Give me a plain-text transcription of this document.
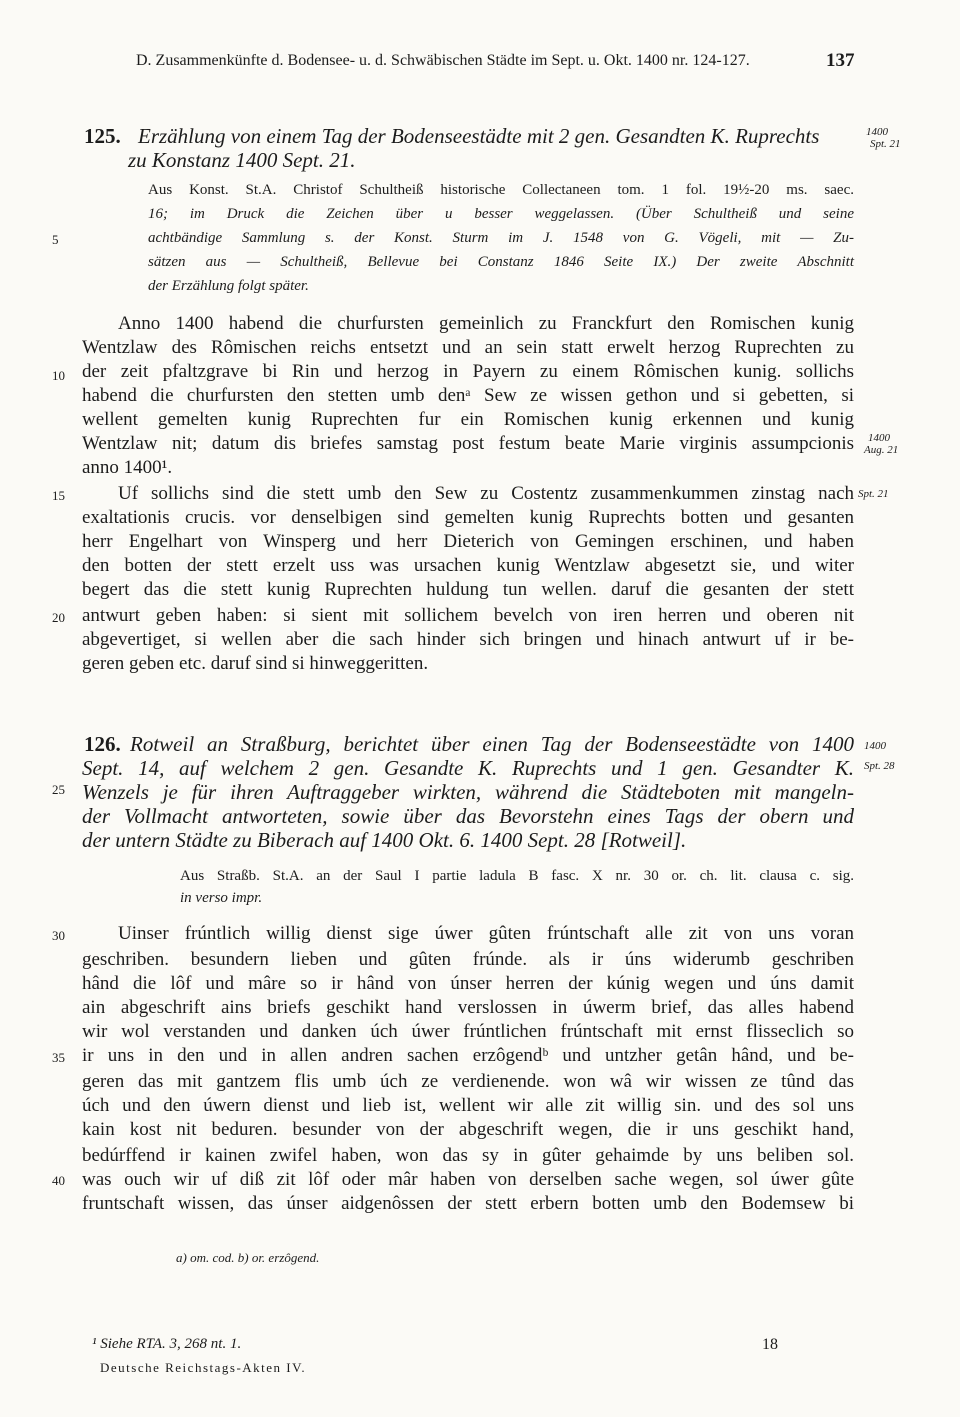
D. Zusammenkünfte d. Bodensee- u. d. Schwäbischen Städte im Sept. u. Okt. 1400 nr. 124-127.	137
125. Erzählung von einem Tag der Bodenseestädte mit 2 gen. Gesandten K. Ruprechts
zu Konstanz 1400 Sept. 21.
1400
Spt. 21
Aus Konst. St.A. Christof Schultheiß historische Collectaneen tom. 1 fol. 19½-20 ms. saec.
16; im Druck die Zeichen über u besser weggelassen. (Über Schultheiß und seine
achtbändige Sammlung s. der Konst. Sturm im J. 1548 von G. Vögeli, mit — Zu-
sätzen aus — Schultheiß, Bellevue bei Constanz 1846 Seite IX.) Der zweite Abschnitt
der Erzählung folgt später.
5
10
15
20
25
30
35
40
Anno 1400 habend die churfursten gemeinlich zu Franckfurt den Romischen kunig
Wentzlaw des Rômischen reichs entsetzt und an sein statt erwelt herzog Ruprechten zu
der zeit pfaltzgrave bi Rin und herzog in Payern zu einem Rômischen kunig. sollichs
habend die churfursten den stetten umb denᵃ Sew ze wissen gethon und si gebetten, si
wellent gemelten kunig Ruprechten fur ein Romischen kunig erkennen und kunig
Wentzlaw nit; datum dis briefes samstag post festum beate Marie virginis assumpcionis
anno 1400¹.
Uf sollichs sind die stett umb den Sew zu Costentz zusammenkummen zinstag nach
exaltationis crucis. vor denselbigen sind gemelten kunig Ruprechts botten und gesanten
herr Engelhart von Winsperg und herr Dieterich von Gemingen erschinen, und haben
den botten der stett erzelt uss was ursachen kunig Wentzlaw abgesetzt sie, und witer
begert das die stett kunig Ruprechten huldung tun wellen. daruf die gesanten der stett
antwurt geben haben: si sient mit sollichem bevelch von iren herren und oberen nit
abgevertiget, si wellen aber die sach hinder sich bringen und hinach antwurt uf ir be-
geren geben etc. daruf sind si hinweggeritten.
1400
Aug. 21
Spt. 21
126. Rotweil an Straßburg, berichtet über einen Tag der Bodenseestädte von 1400
Sept. 14, auf welchem 2 gen. Gesandte K. Ruprechts und 1 gen. Gesandter K.
Wenzels je für ihren Auftraggeber wirkten, während die Städteboten mit mangeln-
der Vollmacht antworteten, sowie über das Bevorstehn eines Tags der obern und
der untern Städte zu Biberach auf 1400 Okt. 6. 1400 Sept. 28 [Rotweil].
1400
Spt. 28
Aus Straßb. St.A. an der Saul I partie ladula B fasc. X nr. 30 or. ch. lit. clausa c. sig.
in verso impr.
Uinser frúntlich willig dienst sige úwer gûten frúntschaft alle zit von uns voran
geschriben. besundern lieben und gûten frúnde. als ir úns widerumb geschriben
hând die lôf und mâre so ir hând von únser herren der kúnig wegen und úns damit
ain abgeschrift ains briefs geschikt hand verslossen in úwerm brief, das alles habend
wir wol verstanden und danken úch úwer frúntlichen frúntschaft mit ernst flisseclich so
ir uns in den und in allen andren sachen erzôgendᵇ und untzher getân hând, und be-
geren das mit gantzem flis umb úch ze verdienende. won wâ wir wissen ze tûnd das
úch und den úwern dienst und lieb ist, wellent wir alle zit willig sin. und des sol uns
kain kost nit beduren. besunder von der abgeschrift wegen, die ir uns geschikt hand,
bedúrffend ir kainen zwifel haben, won das sy in gûter gehaimde by uns beliben sol.
was ouch wir uf diß zit lôf oder mâr haben von derselben sache wegen, sol úwer gûte
fruntschaft wissen, das únser aidgenôssen der stett erbern botten umb den Bodemsew bi
a) om. cod. b) or. erzôgend.
¹ Siehe RTA. 3, 268 nt. 1.
Deutsche Reichstags-Akten IV.
18
